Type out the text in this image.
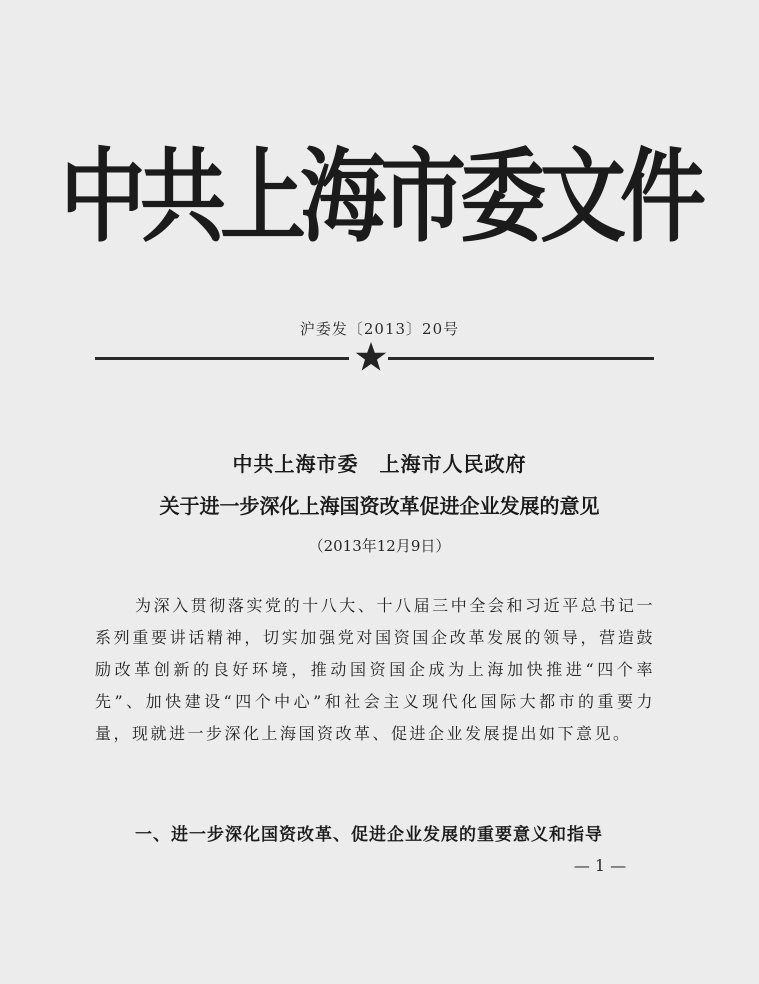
中共上海市委文件
沪委发〔2013〕20号
中共上海市委　上海市人民政府
关于进一步深化上海国资改革促进企业发展的意见
（2013年12月9日）

为深入贯彻落实党的十八大、十八届三中全会和习近平总书记一系列重要讲话精神，切实加强党对国资国企改革发展的领导，营造鼓励改革创新的良好环境，推动国资国企成为上海加快推进“四个率先”、加快建设“四个中心”和社会主义现代化国际大都市的重要力量，现就进一步深化上海国资改革、促进企业发展提出如下意见。

一、进一步深化国资改革、促进企业发展的重要意义和指导
— 1 —
